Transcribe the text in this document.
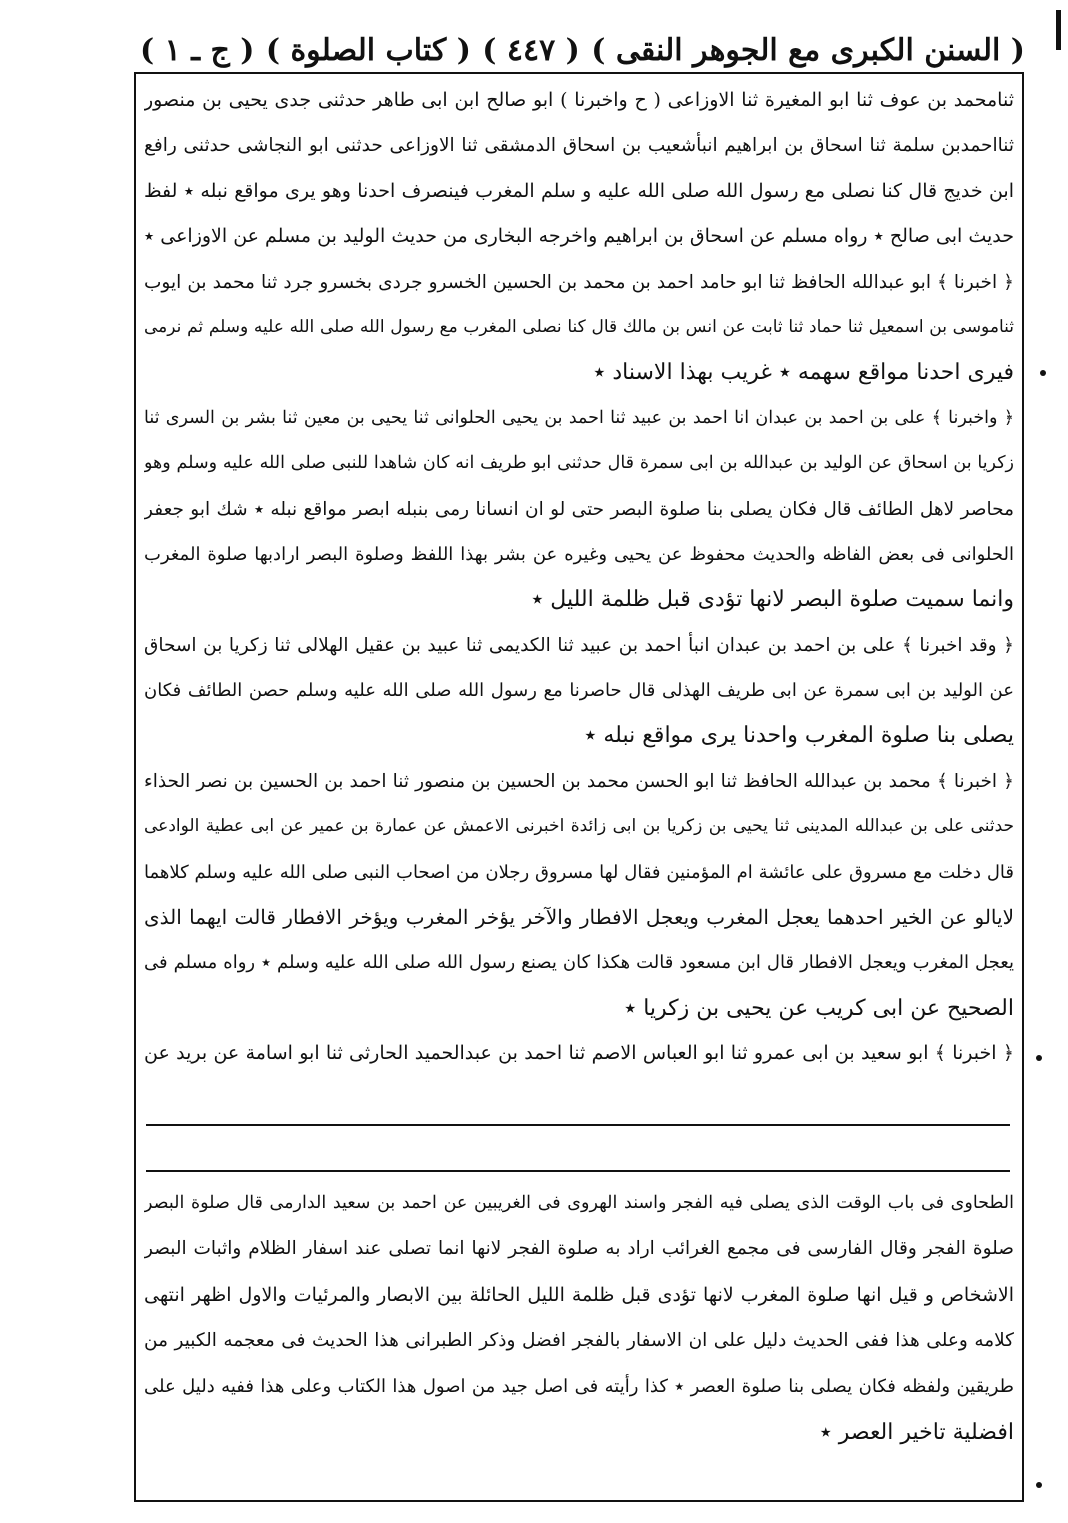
( السنن الكبرى مع الجوهر النقى )
( ٤٤٧ )
( كتاب الصلوة )
( ج ـ ١ )
ثنامحمد بن عوف ثنا ابو المغيرة ثنا الاوزاعى ( ح واخبرنا ) ابو صالح ابن ابى طاهر حدثنى جدى يحيى بن منصور
ثنااحمدبن سلمة ثنا اسحاق بن ابراهيم انبأشعيب بن اسحاق الدمشقى ثنا الاوزاعى حدثنى ابو النجاشى حدثنى رافع
ابن خديج قال كنا نصلى مع رسول الله صلى الله عليه و سلم المغرب فينصرف احدنا وهو يرى مواقع نبله ٭ لفظ
حديث ابى صالح ٭ رواه مسلم عن اسحاق بن ابراهيم واخرجه البخارى من حديث الوليد بن مسلم عن الاوزاعى ٭
﴿ اخبرنا ﴾ ابو عبدالله الحافظ ثنا ابو حامد احمد بن محمد بن الحسين الخسرو جردى بخسرو جرد ثنا محمد بن ايوب
ثناموسى بن اسمعيل ثنا حماد ثنا ثابت عن انس بن مالك قال كنا نصلى المغرب مع رسول الله صلى الله عليه وسلم ثم نرمى
فيرى احدنا مواقع سهمه ٭ غريب بهذا الاسناد ٭
﴿ واخبرنا ﴾ على بن احمد بن عبدان انا احمد بن عبيد ثنا احمد بن يحيى الحلوانى ثنا يحيى بن معين ثنا بشر بن السرى ثنا
زكريا بن اسحاق عن الوليد بن عبدالله بن ابى سمرة قال حدثنى ابو طريف انه كان شاهدا للنبى صلى الله عليه وسلم وهو
محاصر لاهل الطائف قال فكان يصلى بنا صلوة البصر حتى لو ان انسانا رمى بنبله ابصر مواقع نبله ٭ شك ابو جعفر
الحلوانى فى بعض الفاظه والحديث محفوظ عن يحيى وغيره عن بشر بهذا اللفظ وصلوة البصر ارادبها صلوة المغرب
وانما سميت صلوة البصر لانها تؤدى قبل ظلمة الليل ٭
﴿ وقد اخبرنا ﴾ على بن احمد بن عبدان انبأ احمد بن عبيد ثنا الكديمى ثنا عبيد بن عقيل الهلالى ثنا زكريا بن اسحاق
عن الوليد بن ابى سمرة عن ابى طريف الهذلى قال حاصرنا مع رسول الله صلى الله عليه وسلم حصن الطائف فكان
يصلى بنا صلوة المغرب واحدنا يرى مواقع نبله ٭
﴿ اخبرنا ﴾ محمد بن عبدالله الحافظ ثنا ابو الحسن محمد بن الحسين بن منصور ثنا احمد بن الحسين بن نصر الحذاء
حدثنى على بن عبدالله المدينى ثنا يحيى بن زكريا بن ابى زائدة اخبرنى الاعمش عن عمارة بن عمير عن ابى عطية الوادعى
قال دخلت مع مسروق على عائشة ام المؤمنين فقال لها مسروق رجلان من اصحاب النبى صلى الله عليه وسلم كلاهما
لايالو عن الخير احدهما يعجل المغرب ويعجل الافطار والآخر يؤخر المغرب ويؤخر الافطار قالت ايهما الذى
يعجل المغرب ويعجل الافطار قال ابن مسعود قالت هكذا كان يصنع رسول الله صلى الله عليه وسلم ٭ رواه مسلم فى
الصحيح عن ابى كريب عن يحيى بن زكريا ٭
﴿ اخبرنا ﴾ ابو سعيد بن ابى عمرو ثنا ابو العباس الاصم ثنا احمد بن عبدالحميد الحارثى ثنا ابو اسامة عن بريد عن
الطحاوى فى باب الوقت الذى يصلى فيه الفجر واسند الهروى فى الغريبين عن احمد بن سعيد الدارمى قال صلوة البصر
صلوة الفجر وقال الفارسى فى مجمع الغرائب اراد به صلوة الفجر لانها انما تصلى عند اسفار الظلام واثبات البصر
الاشخاص و قيل انها صلوة المغرب لانها تؤدى قبل ظلمة الليل الحائلة بين الابصار والمرئيات والاول اظهر انتهى
كلامه وعلى هذا ففى الحديث دليل على ان الاسفار بالفجر افضل وذكر الطبرانى هذا الحديث فى معجمه الكبير من
طريقين ولفظه فكان يصلى بنا صلوة العصر ٭ كذا رأيته فى اصل جيد من اصول هذا الكتاب وعلى هذا ففيه دليل على
افضلية تاخير العصر ٭
